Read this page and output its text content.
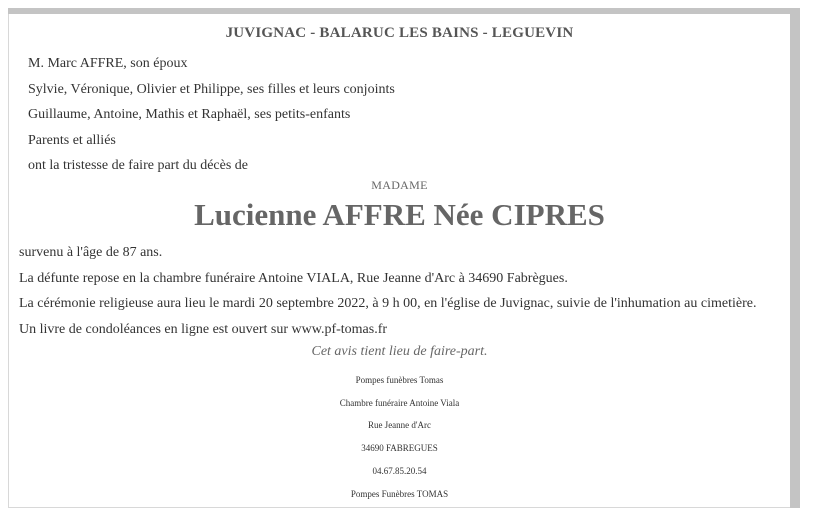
JUVIGNAC - BALARUC LES BAINS - LEGUEVIN
M. Marc AFFRE, son époux
Sylvie, Véronique, Olivier et Philippe, ses filles et leurs conjoints
Guillaume, Antoine, Mathis et Raphaël, ses petits-enfants
Parents et alliés
ont la tristesse de faire part du décès de
MADAME
Lucienne AFFRE Née CIPRES
survenu à l'âge de 87 ans.
La défunte repose en la chambre funéraire Antoine VIALA, Rue Jeanne d'Arc à 34690 Fabrègues.
La cérémonie religieuse aura lieu le mardi 20 septembre 2022, à 9 h 00, en l'église de Juvignac, suivie de l'inhumation au cimetière.
Un livre de condoléances en ligne est ouvert sur www.pf-tomas.fr
Cet avis tient lieu de faire-part.
Pompes funèbres Tomas
Chambre funéraire Antoine Viala
Rue Jeanne d'Arc
34690 FABREGUES
04.67.85.20.54
Pompes Funèbres TOMAS
